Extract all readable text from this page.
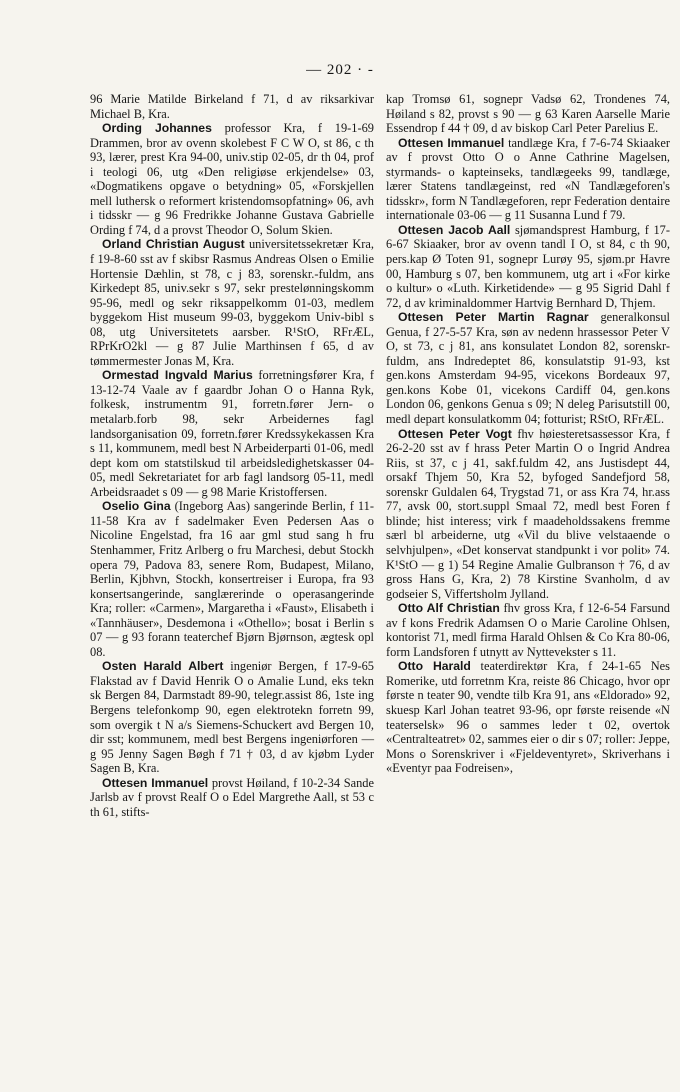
— 202 · -

96 Marie Matilde Birkeland f 71, d av riksarkivar Michael B, Kra.

Ording Johannes professor Kra, f 19-1-69 Drammen, bror av ovenn skolebest F C W O, st 86, c th 93, lærer, prest Kra 94-00, univ.stip 02-05, dr th 04, prof i teologi 06, utg «Den religiøse erkjendelse» 03, «Dogmatikens opgave o betydning» 05, «Forskjellen mell luthersk o reformert kristendomsopfatning» 06, avh i tidsskr — g 96 Fredrikke Johanne Gustava Gabrielle Ording f 74, d a provst Theodor O, Solum Skien.

Orland Christian August universitetssekretær Kra, f 19-8-60 sst av f skibsr Rasmus Andreas Olsen o Emilie Hortensie Dæhlin, st 78, c j 83, sorenskr.-fuldm, ans Kirkedept 85, univ.sekr s 97, sekr prestelønningskomm 95-96, medl og sekr riksappelkomm 01-03, medlem byggekom Hist museum 99-03, byggekom Univ-bibl s 08, utg Universitetets aarsber. R¹StO, RFrÆL, RPrKrO2kl — g 87 Julie Marthinsen f 65, d av tømmermester Jonas M, Kra.

Ormestad Ingvald Marius forretningsfører Kra, f 13-12-74 Vaale av f gaardbr Johan O o Hanna Ryk, folkesk, instrumentm 91, forretn.fører Jern- o metalarb.forb 98, sekr Arbeidernes fagl landsorganisation 09, forretn.fører Kredssykekassen Kra s 11, kommunem, medl best N Arbeiderparti 01-06, medl dept kom om statstilskud til arbeidsledighetskasser 04-05, medl Sekretariatet for arb fagl landsorg 05-11, medl Arbeidsraadet s 09 — g 98 Marie Kristoffersen.

Oselio Gina (Ingeborg Aas) sangerinde Berlin, f 11-11-58 Kra av f sadelmaker Even Pedersen Aas o Nicoline Engelstad, fra 16 aar gml stud sang h fru Stenhammer, Fritz Arlberg o fru Marchesi, debut Stockh opera 79, Padova 83, senere Rom, Budapest, Milano, Berlin, Kjbhvn, Stockh, konsertreiser i Europa, fra 93 konsertsangerinde, sanglærerinde o operasangerinde Kra; roller: «Carmen», Margaretha i «Faust», Elisabeth i «Tannhäuser», Desdemona i «Othello»; bosat i Berlin s 07 — g 93 forann teaterchef Bjørn Bjørnson, ægtesk opl 08.

Osten Harald Albert ingeniør Bergen, f 17-9-65 Flakstad av f David Henrik O o Amalie Lund, eks tekn sk Bergen 84, Darmstadt 89-90, telegr.assist 86, 1ste ing Bergens telefonkomp 90, egen elektrotekn forretn 99, som overgik t N a/s Siemens-Schuckert avd Bergen 10, dir sst; kommunem, medl best Bergens ingeniørforen — g 95 Jenny Sagen Bøgh f 71 † 03, d av kjøbm Lyder Sagen B, Kra.

Ottesen Immanuel provst Høiland, f 10-2-34 Sande Jarlsb av f provst Realf O o Edel Margrethe Aall, st 53 c th 61, stifts-

kap Tromsø 61, sognepr Vadsø 62, Trondenes 74, Høiland s 82, provst s 90 — g 63 Karen Aarselle Marie Essendrop f 44 † 09, d av biskop Carl Peter Parelius E.

Ottesen Immanuel tandlæge Kra, f 7-6-74 Skiaaker av f provst Otto O o Anne Cathrine Magelsen, styrmands- o kapteinseks, tandlægeeks 99, tandlæge, lærer Statens tandlægeinst, red «N Tandlægeforen's tidsskr», form N Tandlægeforen, repr Federation dentaire internationale 03-06 — g 11 Susanna Lund f 79.

Ottesen Jacob Aall sjømandsprest Hamburg, f 17-6-67 Skiaaker, bror av ovenn tandl I O, st 84, c th 90, pers.kap Ø Toten 91, sognepr Lurøy 95, sjøm.pr Havre 00, Hamburg s 07, ben kommunem, utg art i «For kirke o kultur» o «Luth. Kirketidende» — g 95 Sigrid Dahl f 72, d av kriminaldommer Hartvig Bernhard D, Thjem.

Ottesen Peter Martin Ragnar generalkonsul Genua, f 27-5-57 Kra, søn av nedenn hrassessor Peter V O, st 73, c j 81, ans konsulatet London 82, sorenskr-fuldm, ans Indredeptet 86, konsulatstip 91-93, kst gen.kons Amsterdam 94-95, vicekons Bordeaux 97, gen.kons Kobe 01, vicekons Cardiff 04, gen.kons London 06, genkons Genua s 09; N deleg Parisutstill 00, medl depart konsulatkomm 04; fotturist; RStO, RFrÆL.

Ottesen Peter Vogt fhv høiesteretsassessor Kra, f 26-2-20 sst av f hrass Peter Martin O o Ingrid Andrea Riis, st 37, c j 41, sakf.fuldm 42, ans Justisdept 44, orsakf Thjem 50, Kra 52, byfoged Sandefjord 58, sorenskr Guldalen 64, Trygstad 71, or ass Kra 74, hr.ass 77, avsk 00, stort.suppl Smaal 72, medl best Foren f blinde; hist interess; virk f maadeholdssakens fremme særl bl arbeiderne, utg «Vil du blive velstaaende o selvhjulpen», «Det konservat standpunkt i vor polit» 74. K¹StO — g 1) 54 Regine Amalie Gulbranson † 76, d av gross Hans G, Kra, 2) 78 Kirstine Svanholm, d av godseier S, Viffertsholm Jylland.

Otto Alf Christian fhv gross Kra, f 12-6-54 Farsund av f kons Fredrik Adamsen O o Marie Caroline Ohlsen, kontorist 71, medl firma Harald Ohlsen & Co Kra 80-06, form Landsforen f utnytt av Nyttevekster s 11.

Otto Harald teaterdirektør Kra, f 24-1-65 Nes Romerike, utd forretnm Kra, reiste 86 Chicago, hvor opr første n teater 90, vendte tilb Kra 91, ans «Eldorado» 92, skuesp Karl Johan teatret 93-96, opr første reisende «N teaterselsk» 96 o sammes leder t 02, overtok «Centralteatret» 02, sammes eier o dir s 07; roller: Jeppe, Mons o Sorenskriver i «Fjeldeventyret», Skriverhans i «Eventyr paa Fodreisen»,
